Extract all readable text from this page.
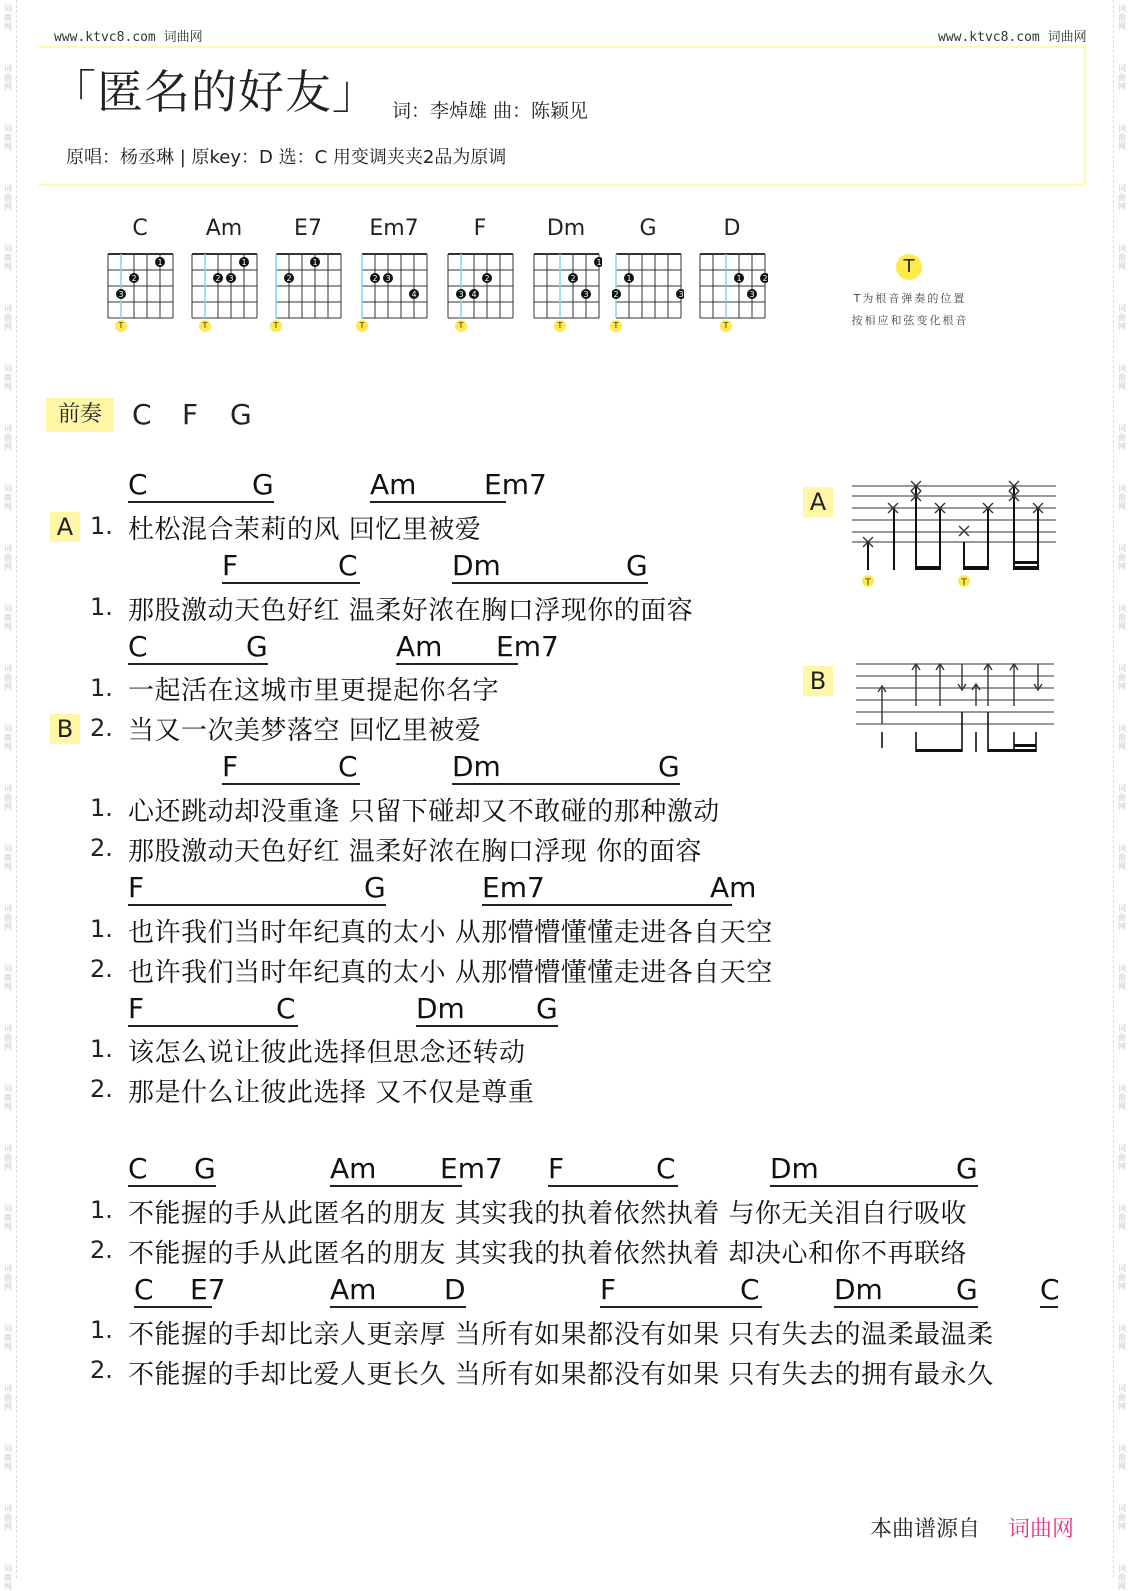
词曲网
词曲网
词曲网
词曲网
词曲网
词曲网
词曲网
词曲网
词曲网
词曲网
词曲网
词曲网
词曲网
词曲网
词曲网
词曲网
词曲网
词曲网
词曲网
词曲网
词曲网
词曲网
词曲网
词曲网
词曲网
词曲网
词曲网
词曲网
词曲网
词曲网
词曲网
词曲网
词曲网
词曲网
词曲网
词曲网
词曲网
词曲网
词曲网
词曲网
词曲网
词曲网
词曲网
词曲网
词曲网
词曲网
词曲网
词曲网
词曲网
词曲网
词曲网
词曲网
词曲网
词曲网
www.ktvc8.com 词曲网	www.ktvc8.com 词曲网
「匿名的好友」 词：李焯雄 曲：陈颖见
原唱：杨丞琳 | 原key：D 选：C 用变调夹夹2品为原调
C
3
2
1
T
Am
2 3
1
T
E7
2
1
T
Em7
2 3
4
T
F
3 4
2
T
Dm
2
3
1
T
G
2
1
3
T
D
1	2
3
T
T
T为根音弹奏的位置
按相应和弦变化根音
A
T	T
B
前奏	C F G
A
B
C	G	Am Em7
F	C	Dm	G
C	G	Am Em7
F	C	Dm	G
F	G	Em7	Am
F	C	Dm	G
C G	Am Em7 F	C	Dm	G
C E7	Am D	F	C	Dm	G C
1. 杜松混合茉莉的风 回忆里被爱
1. 那股激动天色好红 温柔好浓在胸口浮现你的面容
1. 一起活在这城市里更提起你名字
2. 当又一次美梦落空 回忆里被爱
1. 心还跳动却没重逢 只留下碰却又不敢碰的那种激动
2. 那股激动天色好红 温柔好浓在胸口浮现 你的面容
1. 也许我们当时年纪真的太小 从那懵懵懂懂走进各自天空
2. 也许我们当时年纪真的太小 从那懵懵懂懂走进各自天空
1. 该怎么说让彼此选择但思念还转动
2. 那是什么让彼此选择 又不仅是尊重
1. 不能握的手从此匿名的朋友 其实我的执着依然执着 与你无关泪自行吸收
2. 不能握的手从此匿名的朋友 其实我的执着依然执着 却决心和你不再联络
1. 不能握的手却比亲人更亲厚 当所有如果都没有如果 只有失去的温柔最温柔
2. 不能握的手却比爱人更长久 当所有如果都没有如果 只有失去的拥有最永久
本曲谱源自 词曲网
